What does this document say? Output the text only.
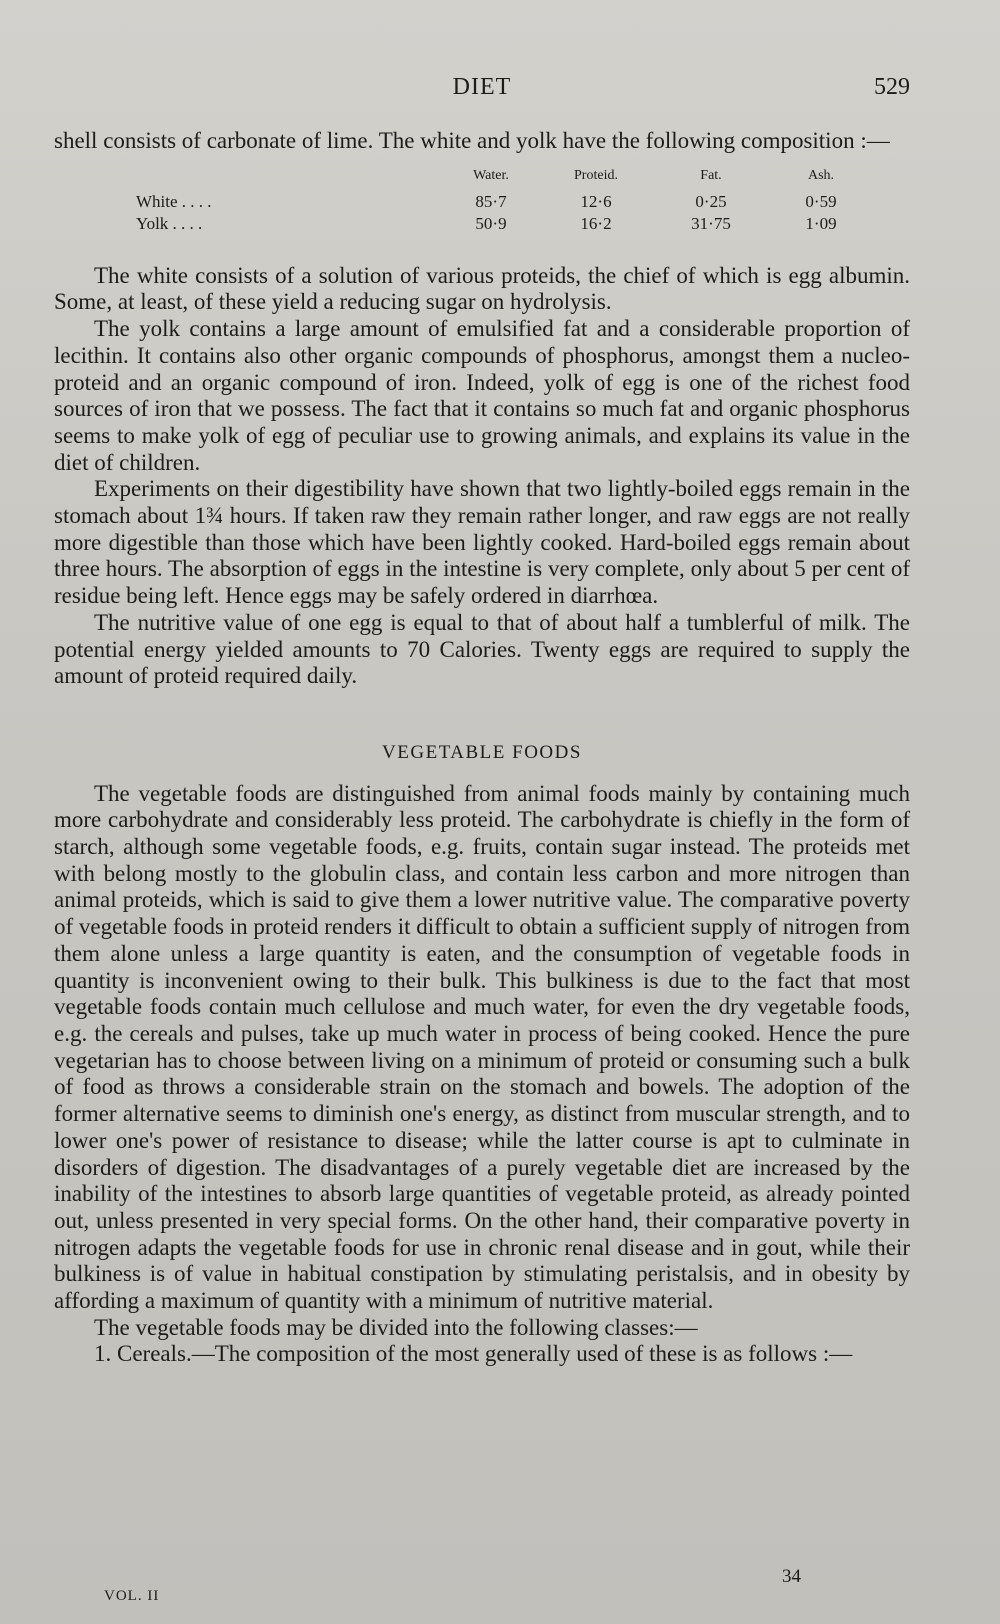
DIET	529

shell consists of carbonate of lime. The white and yolk have the following composition :—

	Water.	Proteid.	Fat.	Ash.
White . . . .	85·7	12·6	0·25	0·59
Yolk . . . .	50·9	16·2	31·75	1·09

The white consists of a solution of various proteids, the chief of which is egg albumin. Some, at least, of these yield a reducing sugar on hydrolysis.

The yolk contains a large amount of emulsified fat and a considerable proportion of lecithin. It contains also other organic compounds of phosphorus, amongst them a nucleo-proteid and an organic compound of iron. Indeed, yolk of egg is one of the richest food sources of iron that we possess. The fact that it contains so much fat and organic phosphorus seems to make yolk of egg of peculiar use to growing animals, and explains its value in the diet of children.

Experiments on their digestibility have shown that two lightly-boiled eggs remain in the stomach about 1¾ hours. If taken raw they remain rather longer, and raw eggs are not really more digestible than those which have been lightly cooked. Hard-boiled eggs remain about three hours. The absorption of eggs in the intestine is very complete, only about 5 per cent of residue being left. Hence eggs may be safely ordered in diarrhœa.

The nutritive value of one egg is equal to that of about half a tumblerful of milk. The potential energy yielded amounts to 70 Calories. Twenty eggs are required to supply the amount of proteid required daily.

VEGETABLE FOODS

The vegetable foods are distinguished from animal foods mainly by containing much more carbohydrate and considerably less proteid. The carbohydrate is chiefly in the form of starch, although some vegetable foods, e.g. fruits, contain sugar instead. The proteids met with belong mostly to the globulin class, and contain less carbon and more nitrogen than animal proteids, which is said to give them a lower nutritive value. The comparative poverty of vegetable foods in proteid renders it difficult to obtain a sufficient supply of nitrogen from them alone unless a large quantity is eaten, and the consumption of vegetable foods in quantity is inconvenient owing to their bulk. This bulkiness is due to the fact that most vegetable foods contain much cellulose and much water, for even the dry vegetable foods, e.g. the cereals and pulses, take up much water in process of being cooked. Hence the pure vegetarian has to choose between living on a minimum of proteid or consuming such a bulk of food as throws a considerable strain on the stomach and bowels. The adoption of the former alternative seems to diminish one's energy, as distinct from muscular strength, and to lower one's power of resistance to disease; while the latter course is apt to culminate in disorders of digestion. The disadvantages of a purely vegetable diet are increased by the inability of the intestines to absorb large quantities of vegetable proteid, as already pointed out, unless presented in very special forms. On the other hand, their comparative poverty in nitrogen adapts the vegetable foods for use in chronic renal disease and in gout, while their bulkiness is of value in habitual constipation by stimulating peristalsis, and in obesity by affording a maximum of quantity with a minimum of nutritive material.

The vegetable foods may be divided into the following classes:—

1. Cereals.—The composition of the most generally used of these is as follows :—

VOL. II
34
